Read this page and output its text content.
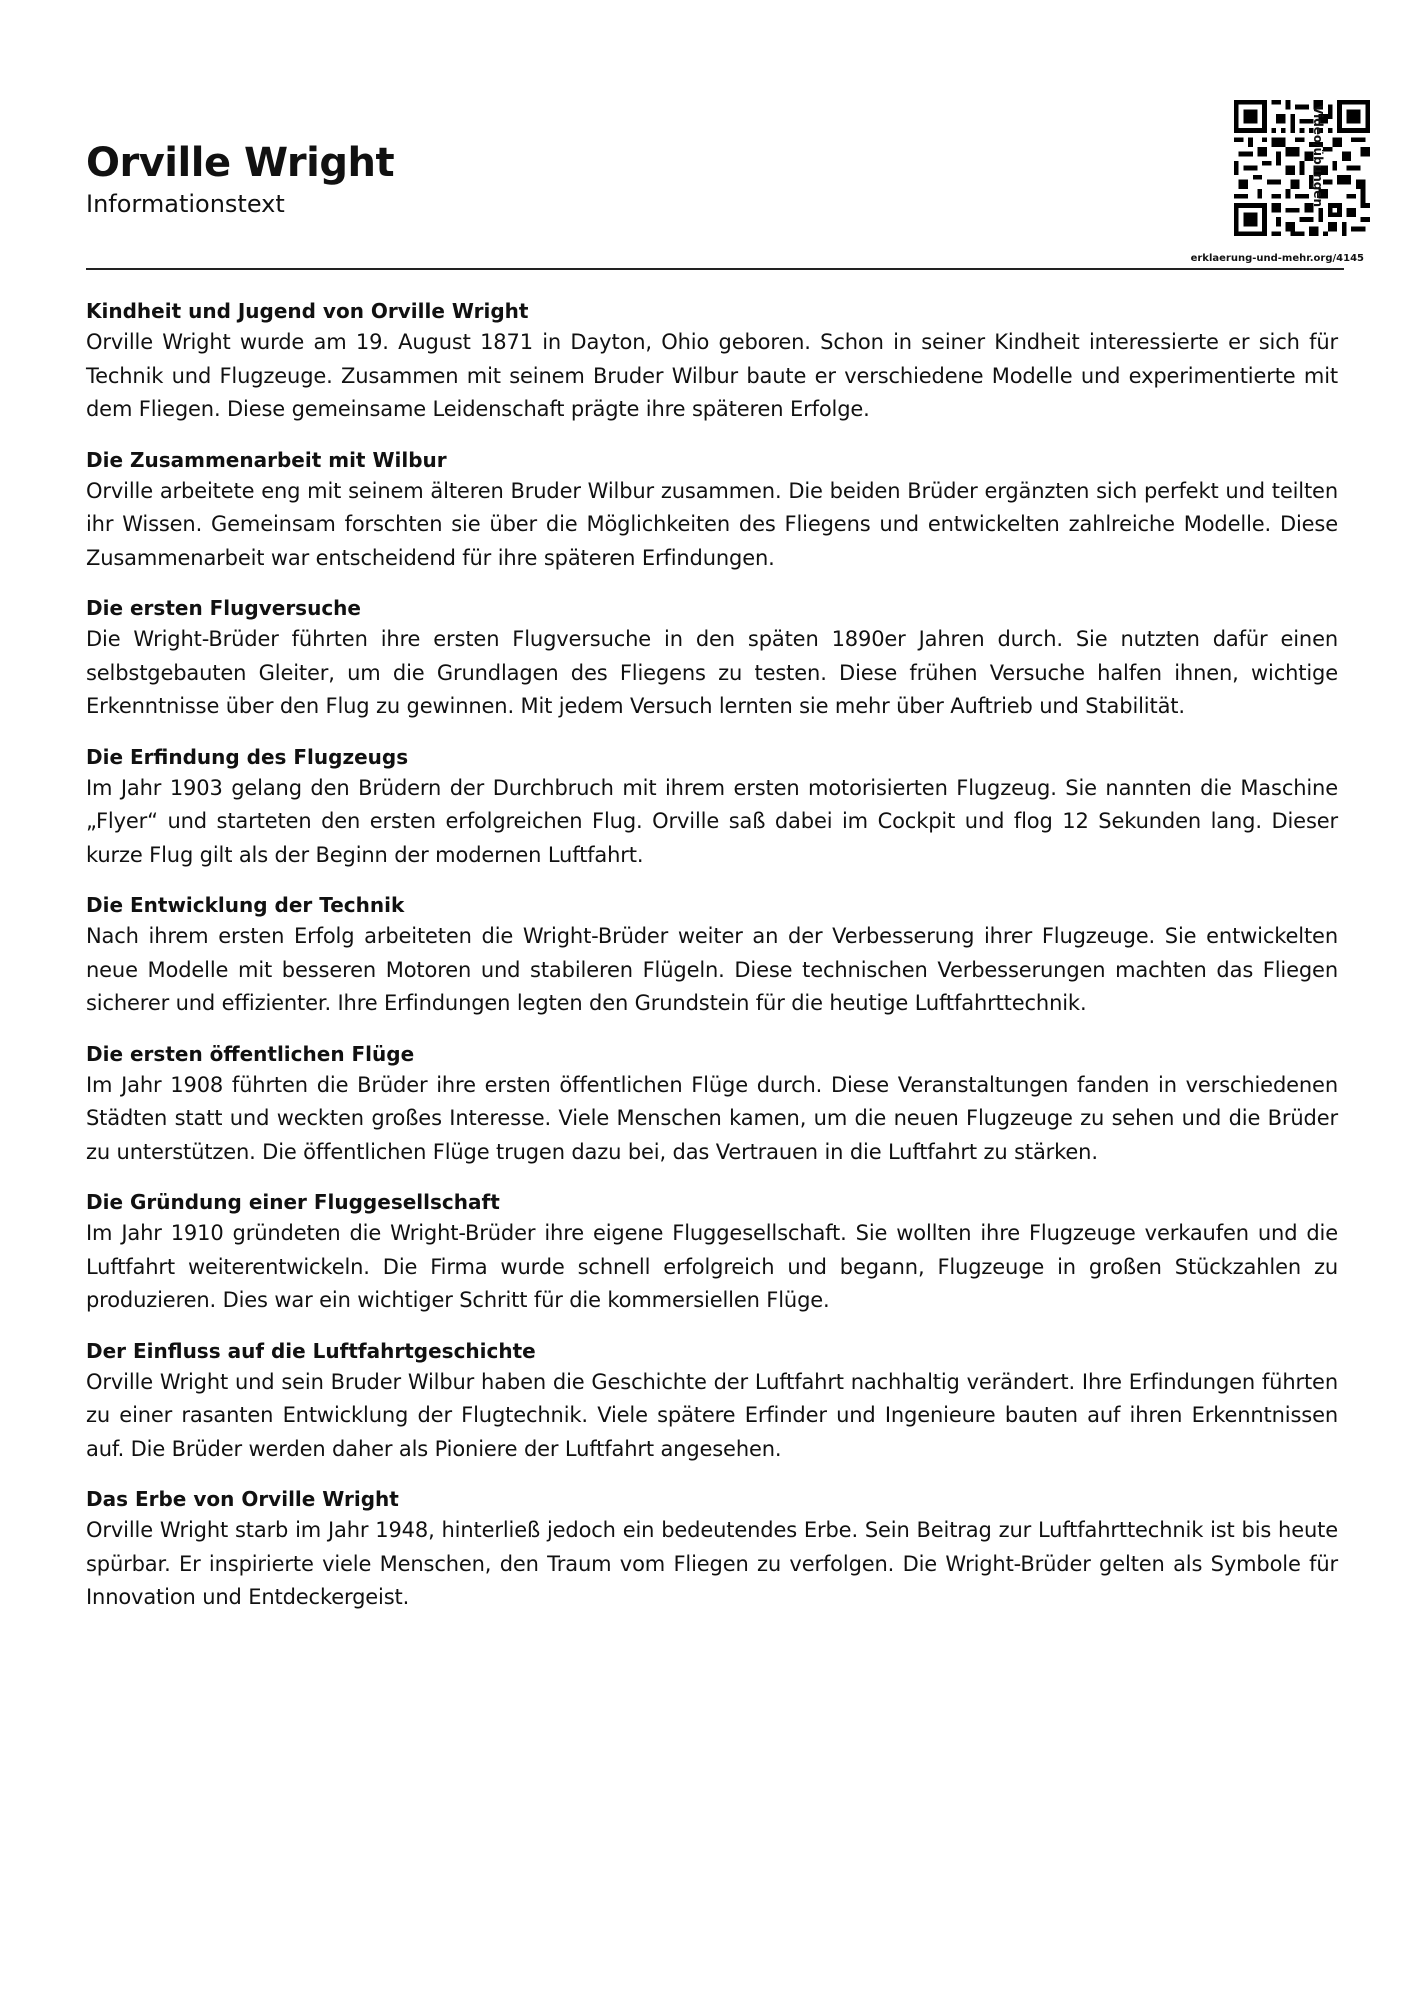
Orville Wright
Informationstext
erklaerung-und-mehr.org/4145
Video/übungen
Kindheit und Jugend von Orville Wright

Orville Wright wurde am 19. August 1871 in Dayton, Ohio geboren. Schon in seiner Kindheit interessierte er sich für Technik und Flugzeuge. Zusammen mit seinem Bruder Wilbur baute er verschiedene Modelle und experimentierte mit dem Fliegen. Diese gemeinsame Leidenschaft prägte ihre späteren Erfolge.

Die Zusammenarbeit mit Wilbur

Orville arbeitete eng mit seinem älteren Bruder Wilbur zusammen. Die beiden Brüder ergänzten sich perfekt und teilten ihr Wissen. Gemeinsam forschten sie über die Möglichkeiten des Fliegens und entwickelten zahlreiche Modelle. Diese Zusammenarbeit war entscheidend für ihre späteren Erfindungen.

Die ersten Flugversuche

Die Wright-Brüder führten ihre ersten Flugversuche in den späten 1890er Jahren durch. Sie nutzten dafür einen selbstgebauten Gleiter, um die Grundlagen des Fliegens zu testen. Diese frühen Versuche halfen ihnen, wichtige Erkenntnisse über den Flug zu gewinnen. Mit jedem Versuch lernten sie mehr über Auftrieb und Stabilität.

Die Erfindung des Flugzeugs

Im Jahr 1903 gelang den Brüdern der Durchbruch mit ihrem ersten motorisierten Flugzeug. Sie nannten die Maschine „Flyer“ und starteten den ersten erfolgreichen Flug. Orville saß dabei im Cockpit und flog 12 Sekunden lang. Dieser kurze Flug gilt als der Beginn der modernen Luftfahrt.

Die Entwicklung der Technik

Nach ihrem ersten Erfolg arbeiteten die Wright-Brüder weiter an der Verbesserung ihrer Flugzeuge. Sie entwickelten neue Modelle mit besseren Motoren und stabileren Flügeln. Diese technischen Verbesserungen machten das Fliegen sicherer und effizienter. Ihre Erfindungen legten den Grundstein für die heutige Luftfahrttechnik.

Die ersten öffentlichen Flüge

Im Jahr 1908 führten die Brüder ihre ersten öffentlichen Flüge durch. Diese Veranstaltungen fanden in verschiedenen Städten statt und weckten großes Interesse. Viele Menschen kamen, um die neuen Flugzeuge zu sehen und die Brüder zu unterstützen. Die öffentlichen Flüge trugen dazu bei, das Vertrauen in die Luftfahrt zu stärken.

Die Gründung einer Fluggesellschaft

Im Jahr 1910 gründeten die Wright-Brüder ihre eigene Fluggesellschaft. Sie wollten ihre Flugzeuge verkaufen und die Luftfahrt weiterentwickeln. Die Firma wurde schnell erfolgreich und begann, Flugzeuge in großen Stückzahlen zu produzieren. Dies war ein wichtiger Schritt für die kommersiellen Flüge.

Der Einfluss auf die Luftfahrtgeschichte

Orville Wright und sein Bruder Wilbur haben die Geschichte der Luftfahrt nachhaltig verändert. Ihre Erfindungen führten zu einer rasanten Entwicklung der Flugtechnik. Viele spätere Erfinder und Ingenieure bauten auf ihren Erkenntnissen auf. Die Brüder werden daher als Pioniere der Luftfahrt angesehen.

Das Erbe von Orville Wright

Orville Wright starb im Jahr 1948, hinterließ jedoch ein bedeutendes Erbe. Sein Beitrag zur Luftfahrttechnik ist bis heute spürbar. Er inspirierte viele Menschen, den Traum vom Fliegen zu verfolgen. Die Wright-Brüder gelten als Symbole für Innovation und Entdeckergeist.
